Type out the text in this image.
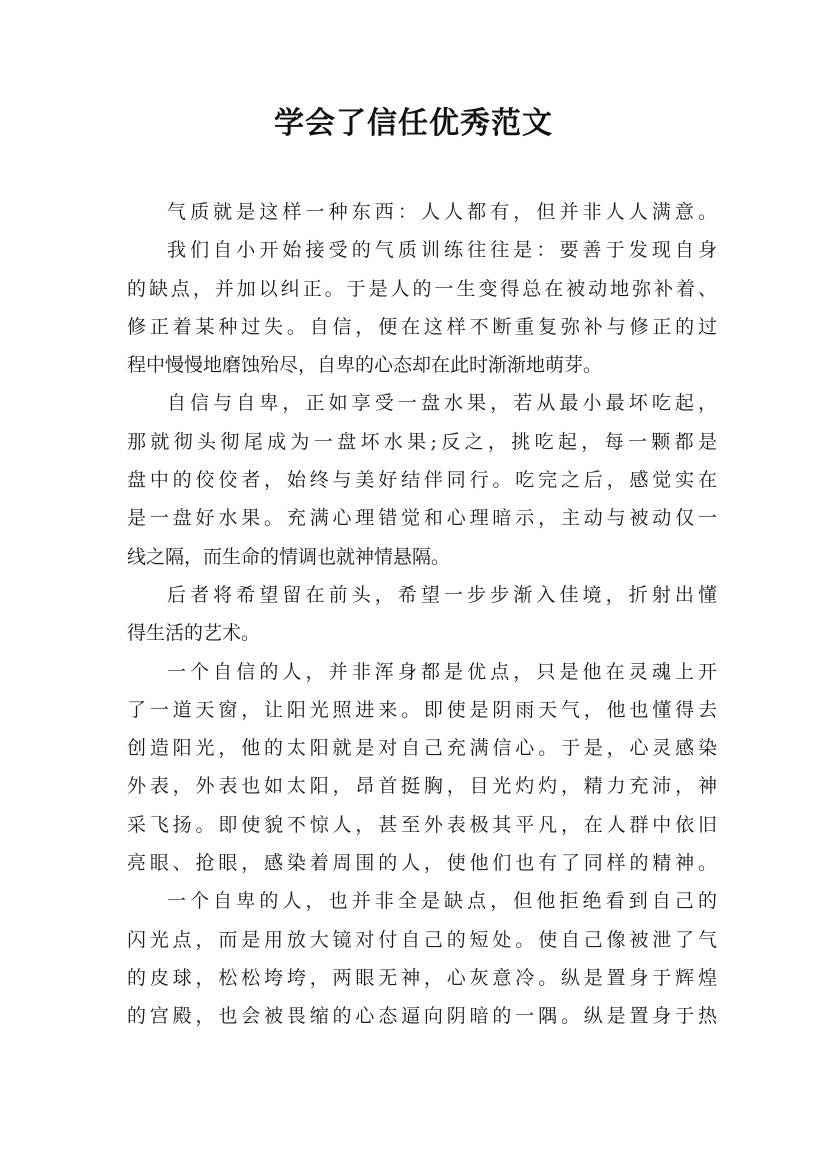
学会了信任优秀范文
气质就是这样一种东西：人人都有，但并非人人满意。
我们自小开始接受的气质训练往往是：要善于发现自身
的缺点，并加以纠正。于是人的一生变得总在被动地弥补着、
修正着某种过失。自信，便在这样不断重复弥补与修正的过
程中慢慢地磨蚀殆尽，自卑的心态却在此时渐渐地萌芽。
自信与自卑，正如享受一盘水果，若从最小最坏吃起，
那就彻头彻尾成为一盘坏水果;反之，挑吃起，每一颗都是
盘中的佼佼者，始终与美好结伴同行。吃完之后，感觉实在
是一盘好水果。充满心理错觉和心理暗示，主动与被动仅一
线之隔，而生命的情调也就神情悬隔。
后者将希望留在前头，希望一步步渐入佳境，折射出懂
得生活的艺术。
一个自信的人，并非浑身都是优点，只是他在灵魂上开
了一道天窗，让阳光照进来。即使是阴雨天气，他也懂得去
创造阳光，他的太阳就是对自己充满信心。于是，心灵感染
外表，外表也如太阳，昂首挺胸，目光灼灼，精力充沛，神
采飞扬。即使貌不惊人，甚至外表极其平凡，在人群中依旧
亮眼、抢眼，感染着周围的人，使他们也有了同样的精神。
一个自卑的人，也并非全是缺点，但他拒绝看到自己的
闪光点，而是用放大镜对付自己的短处。使自己像被泄了气
的皮球，松松垮垮，两眼无神，心灰意冷。纵是置身于辉煌
的宫殿，也会被畏缩的心态逼向阴暗的一隅。纵是置身于热
